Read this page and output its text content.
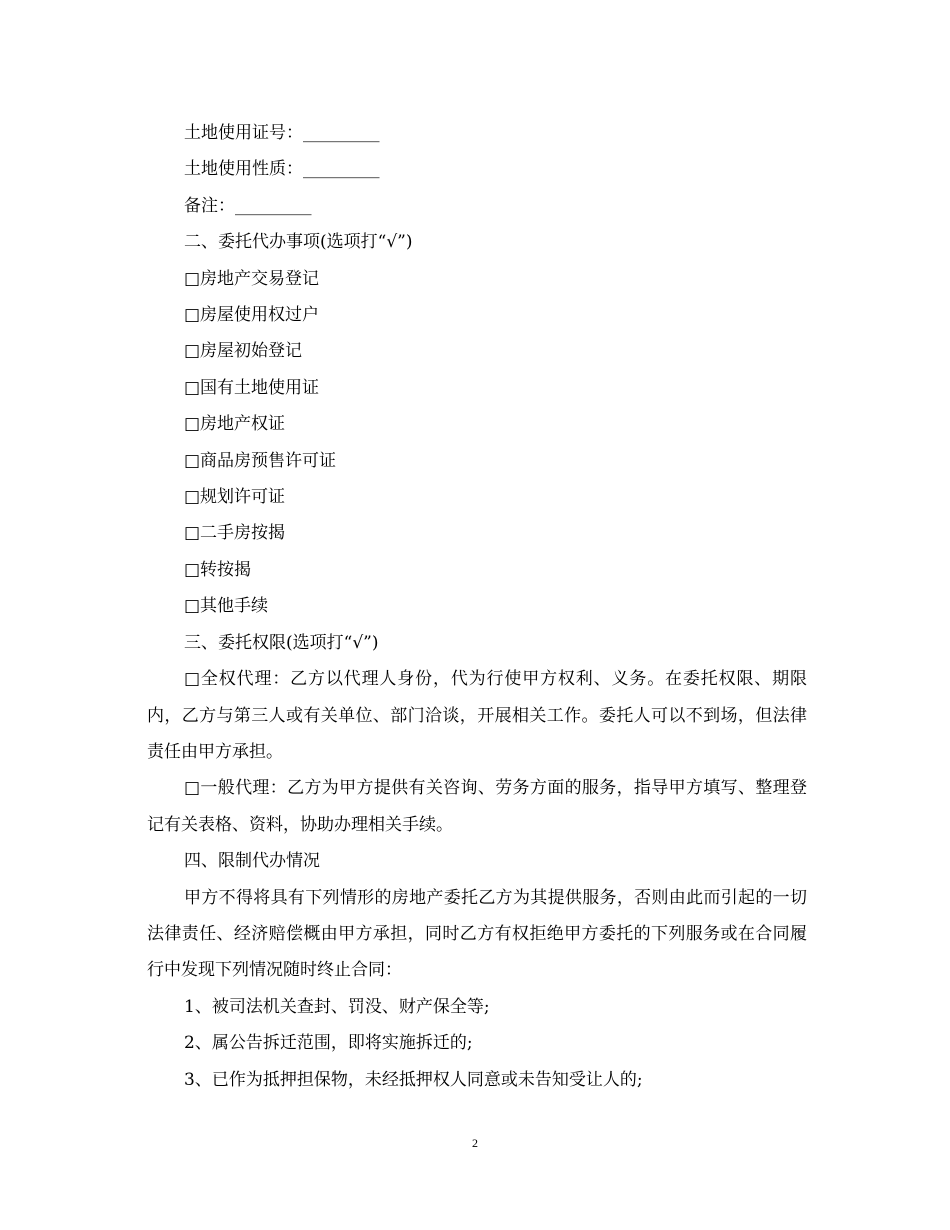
土地使用证号：_________
土地使用性质：_________
备注：_________
二、委托代办事项(选项打“√”)
□房地产交易登记
□房屋使用权过户
□房屋初始登记
□国有土地使用证
□房地产权证
□商品房预售许可证
□规划许可证
□二手房按揭
□转按揭
□其他手续
三、委托权限(选项打“√”)
□全权代理：乙方以代理人身份，代为行使甲方权利、义务。在委托权限、期限内，乙方与第三人或有关单位、部门洽谈，开展相关工作。委托人可以不到场，但法律责任由甲方承担。
□一般代理：乙方为甲方提供有关咨询、劳务方面的服务，指导甲方填写、整理登记有关表格、资料，协助办理相关手续。
四、限制代办情况
甲方不得将具有下列情形的房地产委托乙方为其提供服务，否则由此而引起的一切法律责任、经济赔偿概由甲方承担，同时乙方有权拒绝甲方委托的下列服务或在合同履行中发现下列情况随时终止合同：
1、被司法机关查封、罚没、财产保全等;
2、属公告拆迁范围，即将实施拆迁的;
3、已作为抵押担保物，未经抵押权人同意或未告知受让人的;
2
